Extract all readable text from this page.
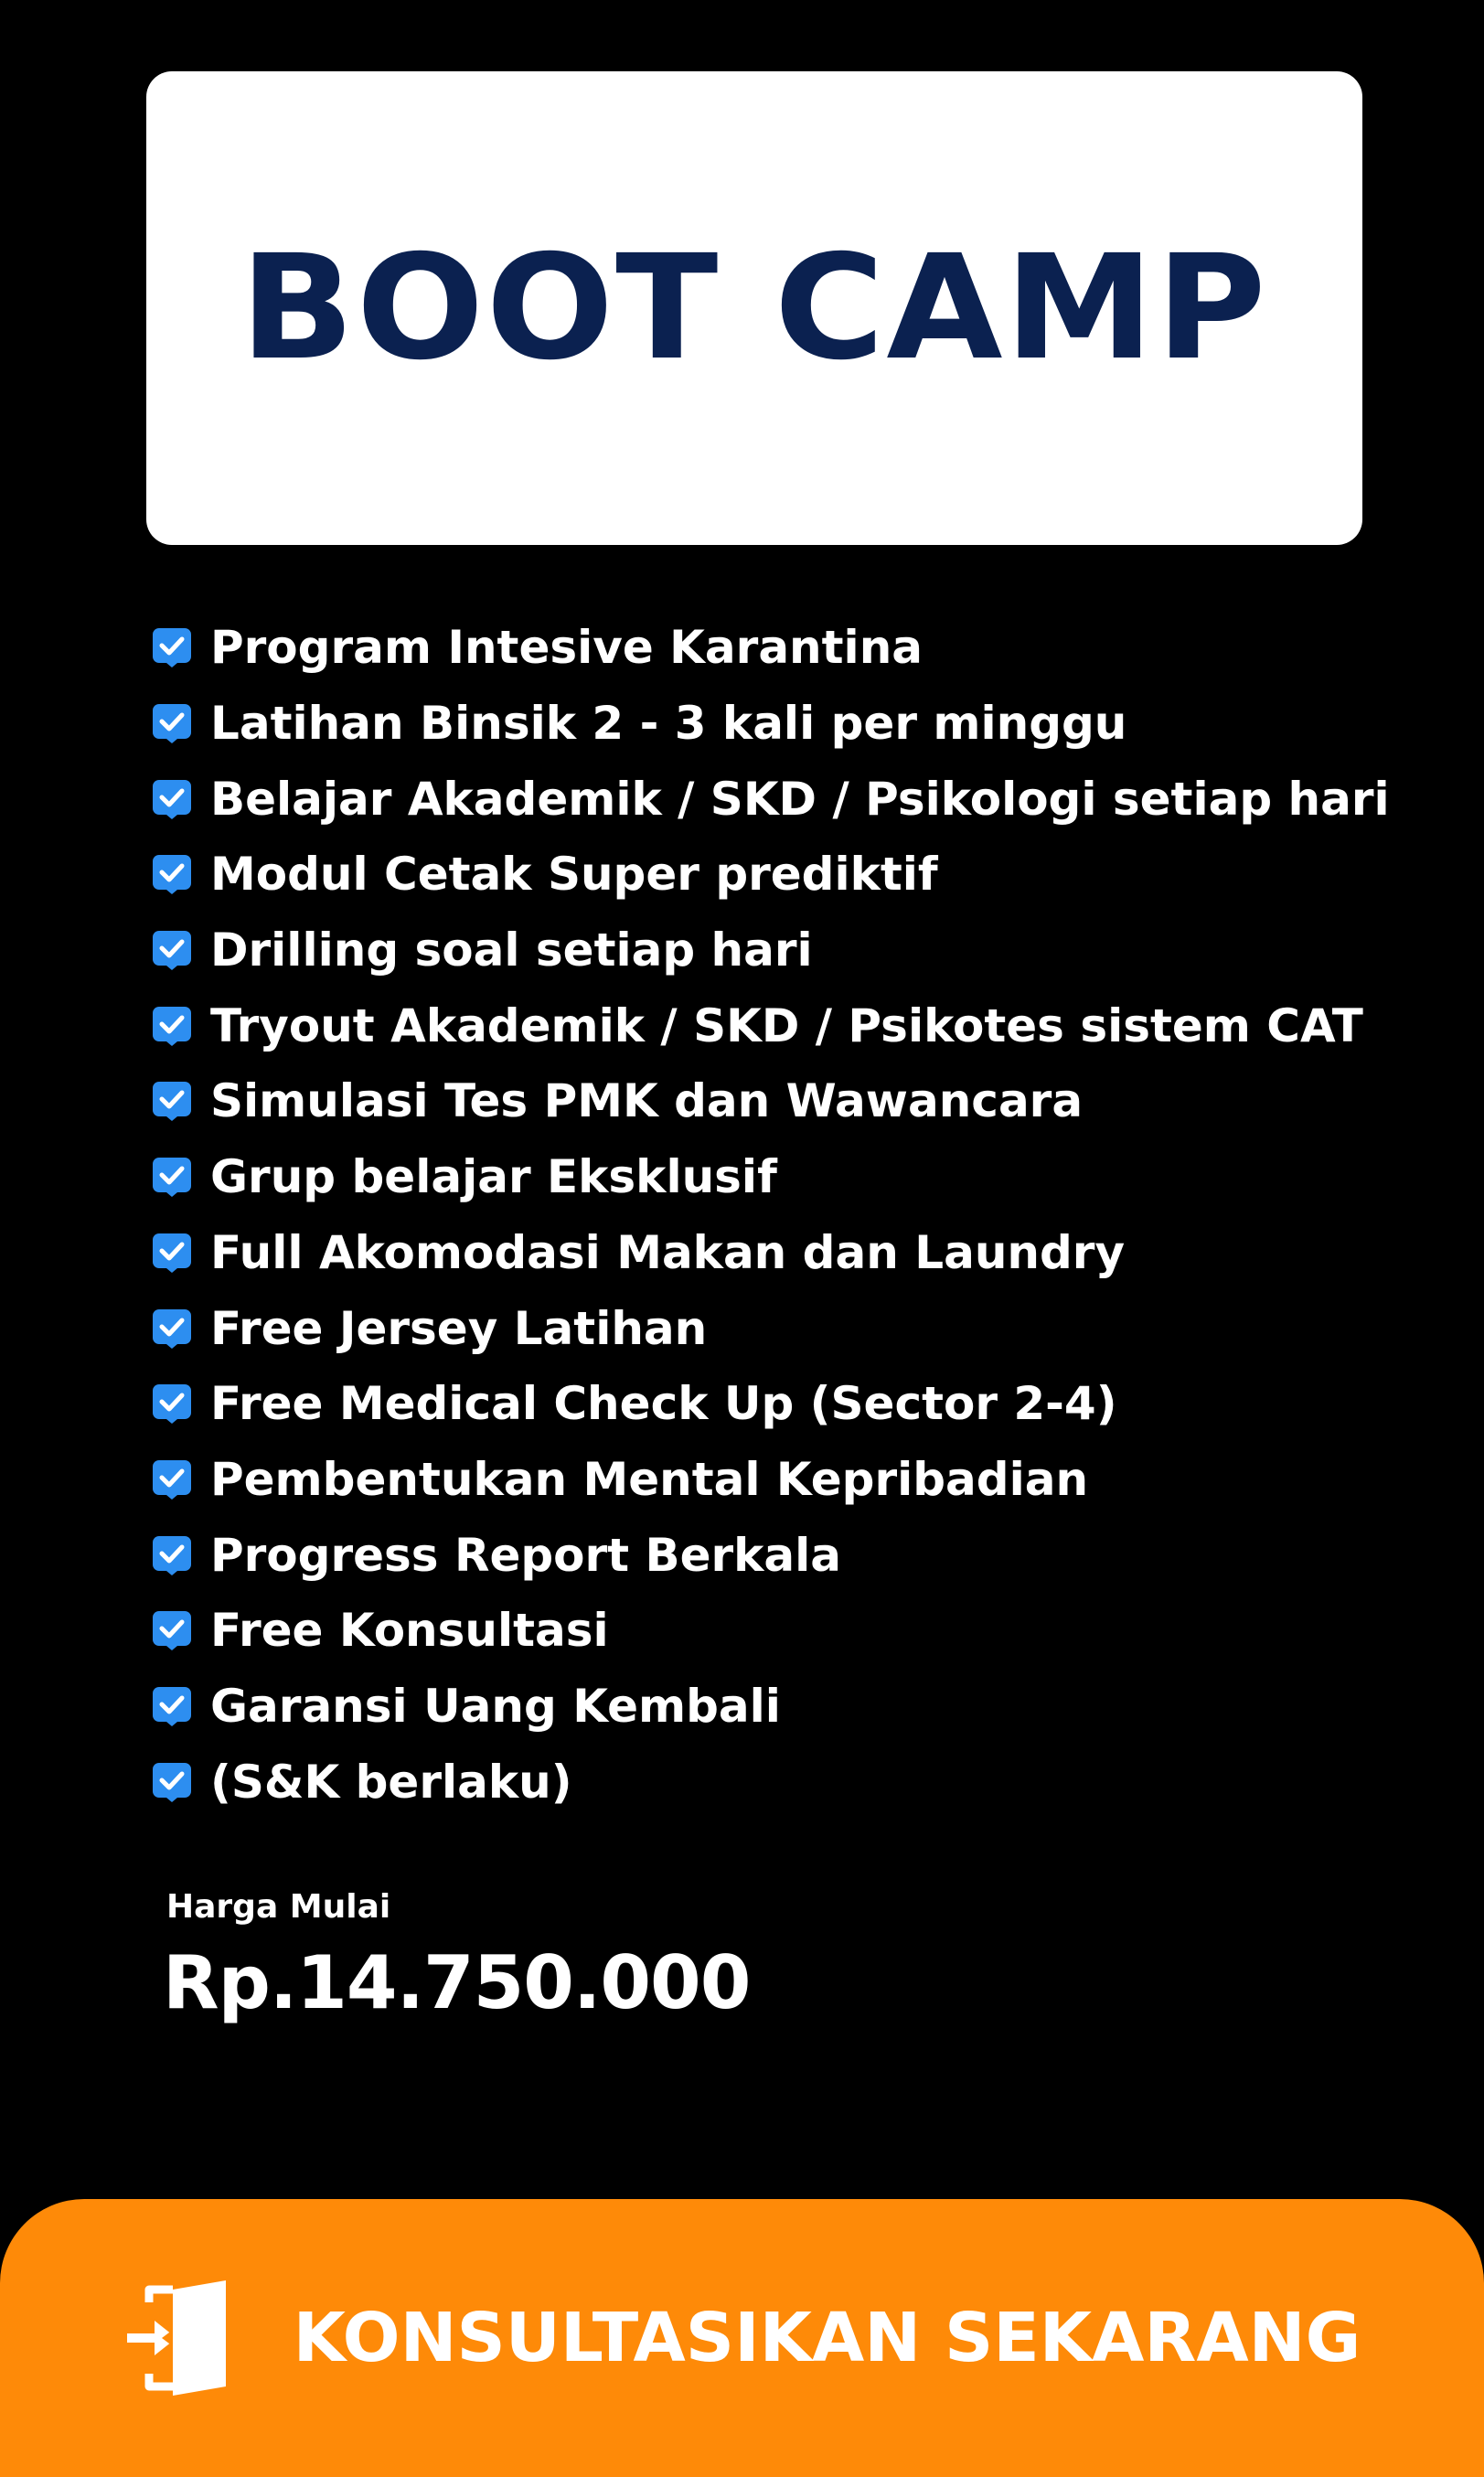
BOOT CAMP
Program Intesive Karantina
Latihan Binsik 2 - 3 kali per minggu
Belajar Akademik / SKD / Psikologi setiap hari
Modul Cetak Super prediktif
Drilling soal setiap hari
Tryout Akademik / SKD / Psikotes sistem CAT
Simulasi Tes PMK dan Wawancara
Grup belajar Eksklusif
Full Akomodasi Makan dan Laundry
Free Jersey Latihan
Free Medical Check Up (Sector 2-4)
Pembentukan Mental Kepribadian
Progress Report Berkala
Free Konsultasi
Garansi Uang Kembali
(S&K berlaku)
Harga Mulai
Rp.14.750.000
KONSULTASIKAN SEKARANG
